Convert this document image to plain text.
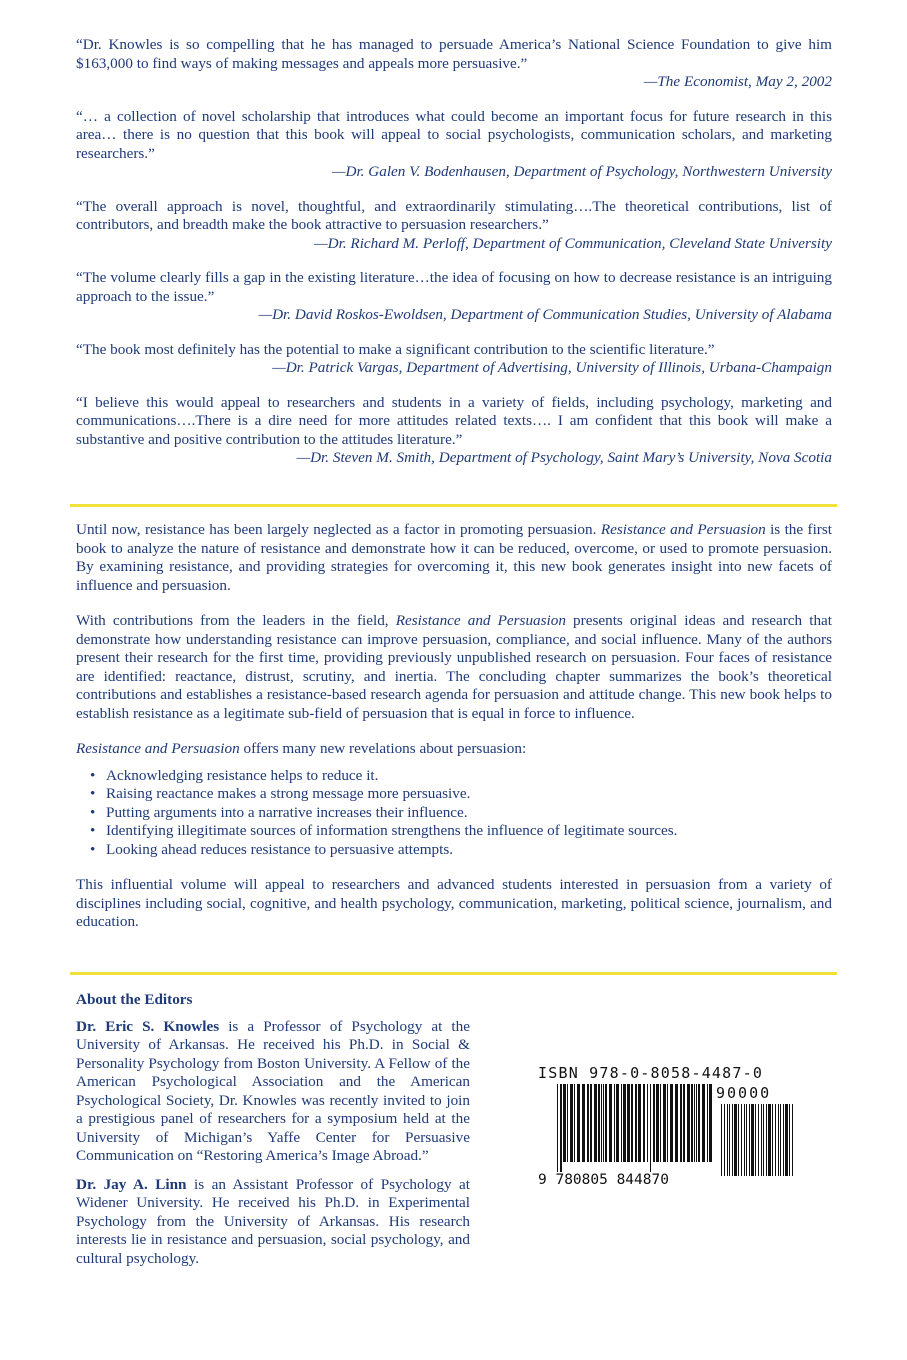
“Dr. Knowles is so compelling that he has managed to persuade America’s National Science Foundation to give him $163,000 to find ways of making messages and appeals more persuasive.”
—The Economist, May 2, 2002
“… a collection of novel scholarship that introduces what could become an important focus for future research in this area… there is no question that this book will appeal to social psychologists, communication scholars, and marketing researchers.”
—Dr. Galen V. Bodenhausen, Department of Psychology, Northwestern University
“The overall approach is novel, thoughtful, and extraordinarily stimulating….The theoretical contributions, list of contributors, and breadth make the book attractive to persuasion researchers.”
—Dr. Richard M. Perloff, Department of Communication, Cleveland State University
“The volume clearly fills a gap in the existing literature…the idea of focusing on how to decrease resistance is an intriguing approach to the issue.”
—Dr. David Roskos-Ewoldsen, Department of Communication Studies, University of Alabama
“The book most definitely has the potential to make a significant contribution to the scientific literature.”
—Dr. Patrick Vargas, Department of Advertising, University of Illinois, Urbana-Champaign
“I believe this would appeal to researchers and students in a variety of fields, including psychology, marketing and communications….There is a dire need for more attitudes related texts…. I am confident that this book will make a substantive and positive contribution to the attitudes literature.”
—Dr. Steven M. Smith, Department of Psychology, Saint Mary’s University, Nova Scotia

Until now, resistance has been largely neglected as a factor in promoting persuasion. Resistance and Persuasion is the first book to analyze the nature of resistance and demonstrate how it can be reduced, overcome, or used to promote persuasion. By examining resistance, and providing strategies for overcoming it, this new book generates insight into new facets of influence and persuasion.

With contributions from the leaders in the field, Resistance and Persuasion presents original ideas and research that demonstrate how understanding resistance can improve persuasion, compliance, and social influence. Many of the authors present their research for the first time, providing previously unpublished research on persuasion. Four faces of resistance are identified: reactance, distrust, scrutiny, and inertia. The concluding chapter summarizes the book’s theoretical contributions and establishes a resistance-based research agenda for persuasion and attitude change. This new book helps to establish resistance as a legitimate sub-field of persuasion that is equal in force to influence.

Resistance and Persuasion offers many new revelations about persuasion:

• Acknowledging resistance helps to reduce it.
• Raising reactance makes a strong message more persuasive.
• Putting arguments into a narrative increases their influence.
• Identifying illegitimate sources of information strengthens the influence of legitimate sources.
• Looking ahead reduces resistance to persuasive attempts.

This influential volume will appeal to researchers and advanced students interested in persuasion from a variety of disciplines including social, cognitive, and health psychology, communication, marketing, political science, journalism, and education.

About the Editors

Dr. Eric S. Knowles is a Professor of Psychology at the University of Arkansas. He received his Ph.D. in Social & Personality Psychology from Boston University. A Fellow of the American Psychological Association and the American Psychological Society, Dr. Knowles was recently invited to join a prestigious panel of researchers for a symposium held at the University of Michigan’s Yaffe Center for Persuasive Communication on “Restoring America’s Image Abroad.”

Dr. Jay A. Linn is an Assistant Professor of Psychology at Widener University. He received his Ph.D. in Experimental Psychology from the University of Arkansas. His research interests lie in resistance and persuasion, social psychology, and cultural psychology.

ISBN 978-0-8058-4487-0
90000
9 780805 844870
